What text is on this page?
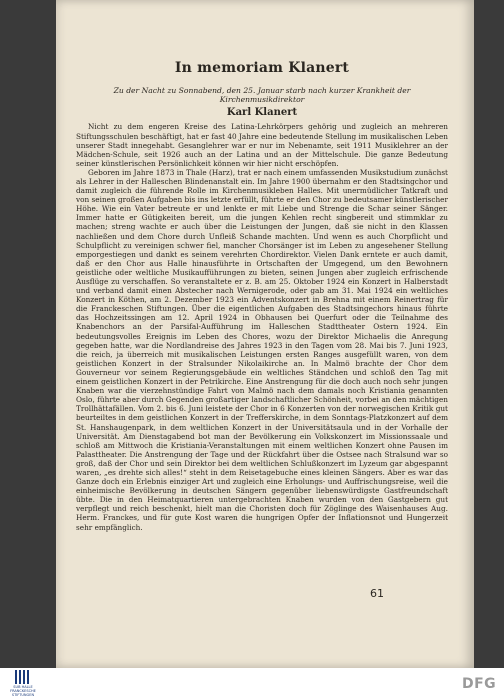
In memoriam Klanert
Zu der Nacht zu Sonnabend, den 25. Januar starb nach kurzer Krankheit der Kirchenmusikdirektor
Karl Klanert

Nicht zu dem engeren Kreise des Latina-Lehrkörpers gehörig und zugleich an mehreren Stiftungsschulen beschäftigt, hat er fast 40 Jahre eine bedeutende Stellung im musikalischen Leben unserer Stadt innegehabt. Gesanglehrer war er nur im Nebenamte, seit 1911 Musiklehrer an der Mädchen-Schule, seit 1926 auch an der Latina und an der Mittelschule. Die ganze Bedeutung seiner künstlerischen Persönlichkeit können wir hier nicht erschöpfen.

Geboren im Jahre 1873 in Thale (Harz), trat er nach einem umfassenden Musikstudium zunächst als Lehrer in der Halleschen Blindenanstalt ein. Im Jahre 1900 übernahm er den Stadtsingchor und damit zugleich die führende Rolle im Kirchenmusikleben Halles. Mit unermüdlicher Tatkraft und von seinen großen Aufgaben bis ins letzte erfüllt, führte er den Chor zu bedeutsamer künstlerischer Höhe. Wie ein Vater betreute er und lenkte er mit Liebe und Strenge die Schar seiner Sänger. Immer hatte er Gütigkeiten bereit, um die jungen Kehlen recht singbereit und stimmklar zu machen; streng wachte er auch über die Leistungen der Jungen, daß sie nicht in den Klassen nachließen und dem Chore durch Unfleiß Schande machten. Und wenn es auch Chorpflicht und Schulpflicht zu vereinigen schwer fiel, mancher Chorsänger ist im Leben zu angesehener Stellung emporgestiegen und dankt es seinem verehrten Chordirektor. Vielen Dank erntete er auch damit, daß er den Chor aus Halle hinausführte in Ortschaften der Umgegend, um den Bewohnern geistliche oder weltliche Musikaufführungen zu bieten, seinen Jungen aber zugleich erfrischende Ausflüge zu verschaffen. So veranstaltete er z. B. am 25. Oktober 1924 ein Konzert in Halberstadt und verband damit einen Abstecher nach Wernigerode, oder gab am 31. Mai 1924 ein weltliches Konzert in Köthen, am 2. Dezember 1923 ein Adventskonzert in Brehna mit einem Reinertrag für die Franckeschen Stiftungen. Über die eigentlichen Aufgaben des Stadtsingechors hinaus führte das Hochzeitssingen am 12. April 1924 in Obhausen bei Querfurt oder die Teilnahme des Knabenchors an der Parsifal-Aufführung im Halleschen Stadttheater Ostern 1924. Ein bedeutungsvolles Ereignis im Leben des Chores, wozu der Direktor Michaelis die Anregung gegeben hatte, war die Nordlandreise des Jahres 1923 in den Tagen vom 28. Mai bis 7. Juni 1923, die reich, ja überreich mit musikalischen Leistungen ersten Ranges ausgefüllt waren, von dem geistlichen Konzert in der Stralsunder Nikolaikirche an. In Malmö brachte der Chor dem Gouverneur vor seinem Regierungsgebäude ein weltliches Ständchen und schloß den Tag mit einem geistlichen Konzert in der Petrikirche. Eine Anstrengung für die doch auch noch sehr jungen Knaben war die vierzehnstündige Fahrt von Malmö nach dem damals noch Kristiania genannten Oslo, führte aber durch Gegenden großartiger landschaftlicher Schönheit, vorbei an den mächtigen Trollhättafällen. Vom 2. bis 6. Juni leistete der Chor in 6 Konzerten von der norwegischen Kritik gut beurteiltes in dem geistlichen Konzert in der Trefferskirche, in dem Sonntags-Platzkonzert auf dem St. Hanshaugenpark, in dem weltlichen Konzert in der Universitätsaula und in der Vorhalle der Universität. Am Dienstagabend bot man der Bevölkerung ein Volkskonzert im Missionssaale und schloß am Mittwoch die Kristiania-Veranstaltungen mit einem weltlichen Konzert ohne Pausen im Palasttheater. Die Anstrengung der Tage und der Rückfahrt über die Ostsee nach Stralsund war so groß, daß der Chor und sein Direktor bei dem weltlichen Schlußkonzert im Lyzeum gar abgespannt waren, „es drehte sich alles!“ steht in dem Reisetagebuche eines kleinen Sängers. Aber es war das Ganze doch ein Erlebnis einziger Art und zugleich eine Erholungs- und Auffrischungsreise, weil die einheimische Bevölkerung in deutschen Sängern gegenüber liebenswürdigste Gastfreundschaft übte. Die in den Heimatquartieren untergebrachten Knaben wurden von den Gastgebern gut verpflegt und reich beschenkt, hielt man die Choristen doch für Zöglinge des Waisenhauses Aug. Herm. Franckes, und für gute Kost waren die hungrigen Opfer der Inflationsnot und Hungerzeit sehr empfänglich.

61
SUB HALLE FRANCKESCHE STIFTUNGEN
DFG
